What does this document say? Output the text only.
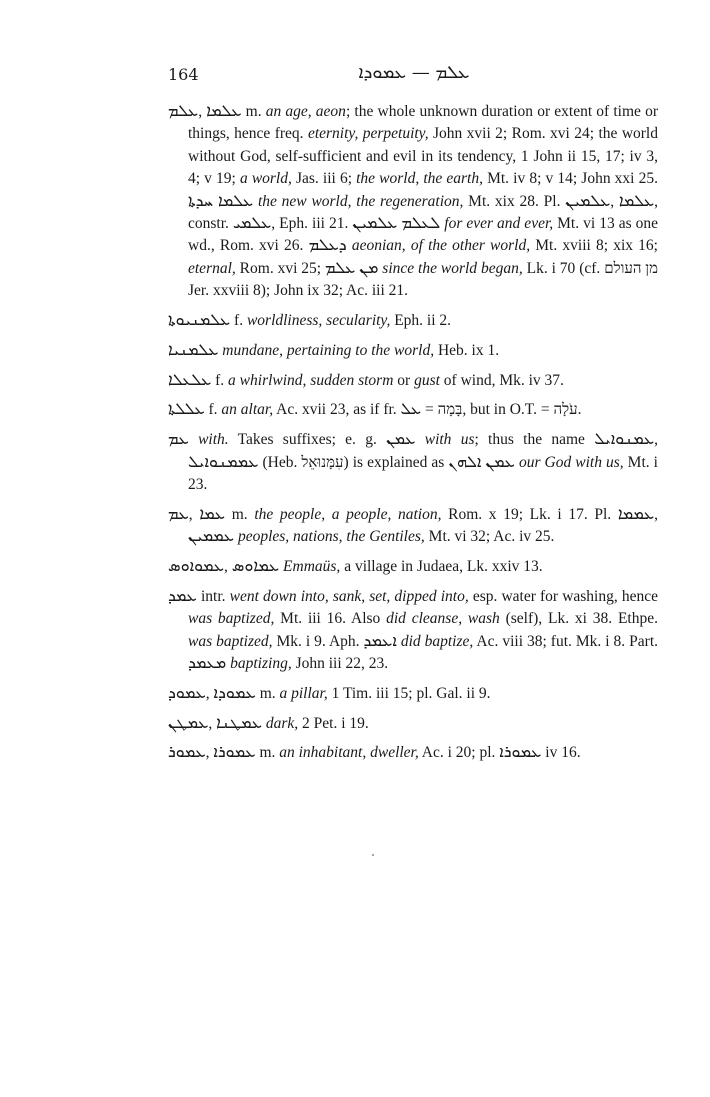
164	ܥܠܡ — ܥܡܘܕܐ

ܥܠܡ, ܥܠܡܐ m. an age, aeon; the whole unknown duration or extent of time or things, hence freq. eternity, perpetuity, John xvii 2; Rom. xvi 24; the world without God, self-sufficient and evil in its tendency, 1 John ii 15, 17; iv 3, 4; v 19; a world, Jas. iii 6; the world, the earth, Mt. iv 8; v 14; John xxi 25. ܥܠܡܐ ܚܕܬܐ the new world, the regeneration, Mt. xix 28. Pl. ܥܠܡܝܢ, ܥܠܡܐ, constr. ܥܠܡܝ, Eph. iii 21. ܠܥܠܡ ܥܠܡܝܢ for ever and ever, Mt. vi 13 as one wd., Rom. xvi 26. ܕܥܠܡ aeonian, of the other world, Mt. xviii 8; xix 16; eternal, Rom. xvi 25; ܡܢ ܥܠܡ since the world began, Lk. i 70 (cf. מן העולם Jer. xxviii 8); John ix 32; Ac. iii 21.

ܥܠܡܢܝܘܬܐ f. worldliness, secularity, Eph. ii 2.

ܥܠܡܢܝܐ mundane, pertaining to the world, Heb. ix 1.

ܥܠܥܠܐ f. a whirlwind, sudden storm or gust of wind, Mk. iv 37.

ܥܠܠܬܐ f. an altar, Ac. xvii 23, as if fr. ܥܠ = בָּמָה, but in O.T. = עֹלָה.

ܥܡ with. Takes suffixes; e. g. ܥܡܢ with us; thus the name ܥܡܢܘܐܝܠ, ܥܡܡܢܘܐܝܠ (Heb. עִמָּנוּאֵל) is explained as ܥܡܢ ܐܠܗܢ our God with us, Mt. i 23.

ܥܡ, ܥܡܐ m. the people, a people, nation, Rom. x 19; Lk. i 17. Pl. ܥܡܡܐ, ܥܡܡܝܢ peoples, nations, the Gentiles, Mt. vi 32; Ac. iv 25.

ܥܡܘܐܘܣ, ܥܡܐܘܣ Emmaüs, a village in Judaea, Lk. xxiv 13.

ܥܡܕ intr. went down into, sank, set, dipped into, esp. water for washing, hence was baptized, Mt. iii 16. Also did cleanse, wash (self), Lk. xi 38. Ethpe. was baptized, Mk. i 9. Aph. ܐܥܡܕ did baptize, Ac. viii 38; fut. Mk. i 8. Part. ܡܥܡܕ baptizing, John iii 22, 23.

ܥܡܘܕ, ܥܡܘܕܐ m. a pillar, 1 Tim. iii 15; pl. Gal. ii 9.

ܥܡܛܢ, ܥܡܛܢܐ dark, 2 Pet. i 19.

ܥܡܘܪ, ܥܡܘܪܐ m. an inhabitant, dweller, Ac. i 20; pl. ܥܡܘܪܐ iv 16.
